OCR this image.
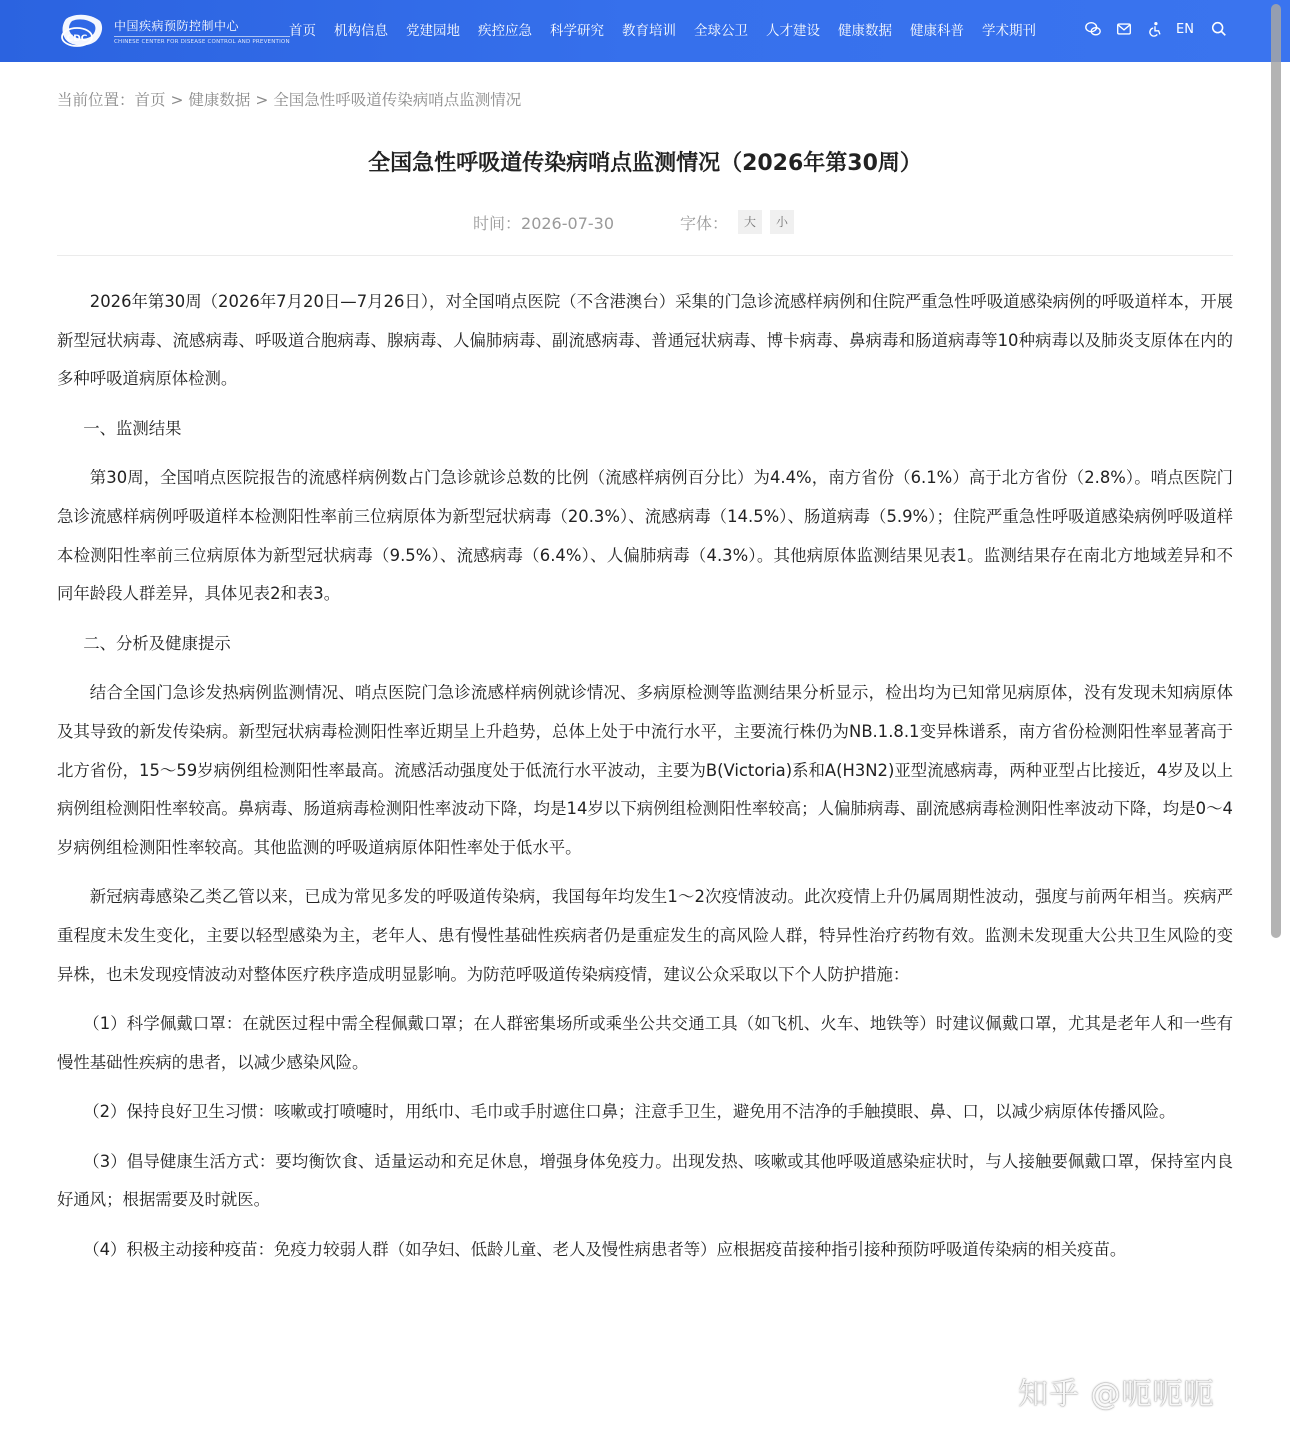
CDC
中国疾病预防控制中心
CHINESE CENTER FOR DISEASE CONTROL AND PREVENTION
首页 机构信息 党建园地 疾控应急 科学研究 教育培训 全球公卫 人才建设 健康数据 健康科普 学术期刊	EN
当前位置：首页 > 健康数据 > 全国急性呼吸道传染病哨点监测情况
全国急性呼吸道传染病哨点监测情况（2026年第30周）
时间：2026-07-30	字体：	大	小

2026年第30周（2026年7月20日—7月26日），对全国哨点医院（不含港澳台）采集的门急诊流感样病例和住院严重急性呼吸道感染病例的呼吸道样本，开展新型冠状病毒、流感病毒、呼吸道合胞病毒、腺病毒、人偏肺病毒、副流感病毒、普通冠状病毒、博卡病毒、鼻病毒和肠道病毒等10种病毒以及肺炎支原体在内的多种呼吸道病原体检测。

一、监测结果

第30周，全国哨点医院报告的流感样病例数占门急诊就诊总数的比例（流感样病例百分比）为4.4%，南方省份（6.1%）高于北方省份（2.8%）。哨点医院门急诊流感样病例呼吸道样本检测阳性率前三位病原体为新型冠状病毒（20.3%）、流感病毒（14.5%）、肠道病毒（5.9%）；住院严重急性呼吸道感染病例呼吸道样本检测阳性率前三位病原体为新型冠状病毒（9.5%）、流感病毒（6.4%）、人偏肺病毒（4.3%）。其他病原体监测结果见表1。监测结果存在南北方地域差异和不同年龄段人群差异，具体见表2和表3。

二、分析及健康提示

结合全国门急诊发热病例监测情况、哨点医院门急诊流感样病例就诊情况、多病原检测等监测结果分析显示，检出均为已知常见病原体，没有发现未知病原体及其导致的新发传染病。新型冠状病毒检测阳性率近期呈上升趋势，总体上处于中流行水平，主要流行株仍为NB.1.8.1变异株谱系，南方省份检测阳性率显著高于北方省份，15～59岁病例组检测阳性率最高。流感活动强度处于低流行水平波动，主要为B(Victoria)系和A(H3N2)亚型流感病毒，两种亚型占比接近，4岁及以上病例组检测阳性率较高。鼻病毒、肠道病毒检测阳性率波动下降，均是14岁以下病例组检测阳性率较高；人偏肺病毒、副流感病毒检测阳性率波动下降，均是0～4岁病例组检测阳性率较高。其他监测的呼吸道病原体阳性率处于低水平。

新冠病毒感染乙类乙管以来，已成为常见多发的呼吸道传染病，我国每年均发生1～2次疫情波动。此次疫情上升仍属周期性波动，强度与前两年相当。疾病严重程度未发生变化，主要以轻型感染为主，老年人、患有慢性基础性疾病者仍是重症发生的高风险人群，特异性治疗药物有效。监测未发现重大公共卫生风险的变异株，也未发现疫情波动对整体医疗秩序造成明显影响。为防范呼吸道传染病疫情，建议公众采取以下个人防护措施：

（1）科学佩戴口罩：在就医过程中需全程佩戴口罩；在人群密集场所或乘坐公共交通工具（如飞机、火车、地铁等）时建议佩戴口罩，尤其是老年人和一些有慢性基础性疾病的患者，以减少感染风险。

（2）保持良好卫生习惯：咳嗽或打喷嚏时，用纸巾、毛巾或手肘遮住口鼻；注意手卫生，避免用不洁净的手触摸眼、鼻、口，以减少病原体传播风险。

（3）倡导健康生活方式：要均衡饮食、适量运动和充足休息，增强身体免疫力。出现发热、咳嗽或其他呼吸道感染症状时，与人接触要佩戴口罩，保持室内良好通风；根据需要及时就医。

（4）积极主动接种疫苗：免疫力较弱人群（如孕妇、低龄儿童、老人及慢性病患者等）应根据疫苗接种指引接种预防呼吸道传染病的相关疫苗。

知乎 @呃呃呃
